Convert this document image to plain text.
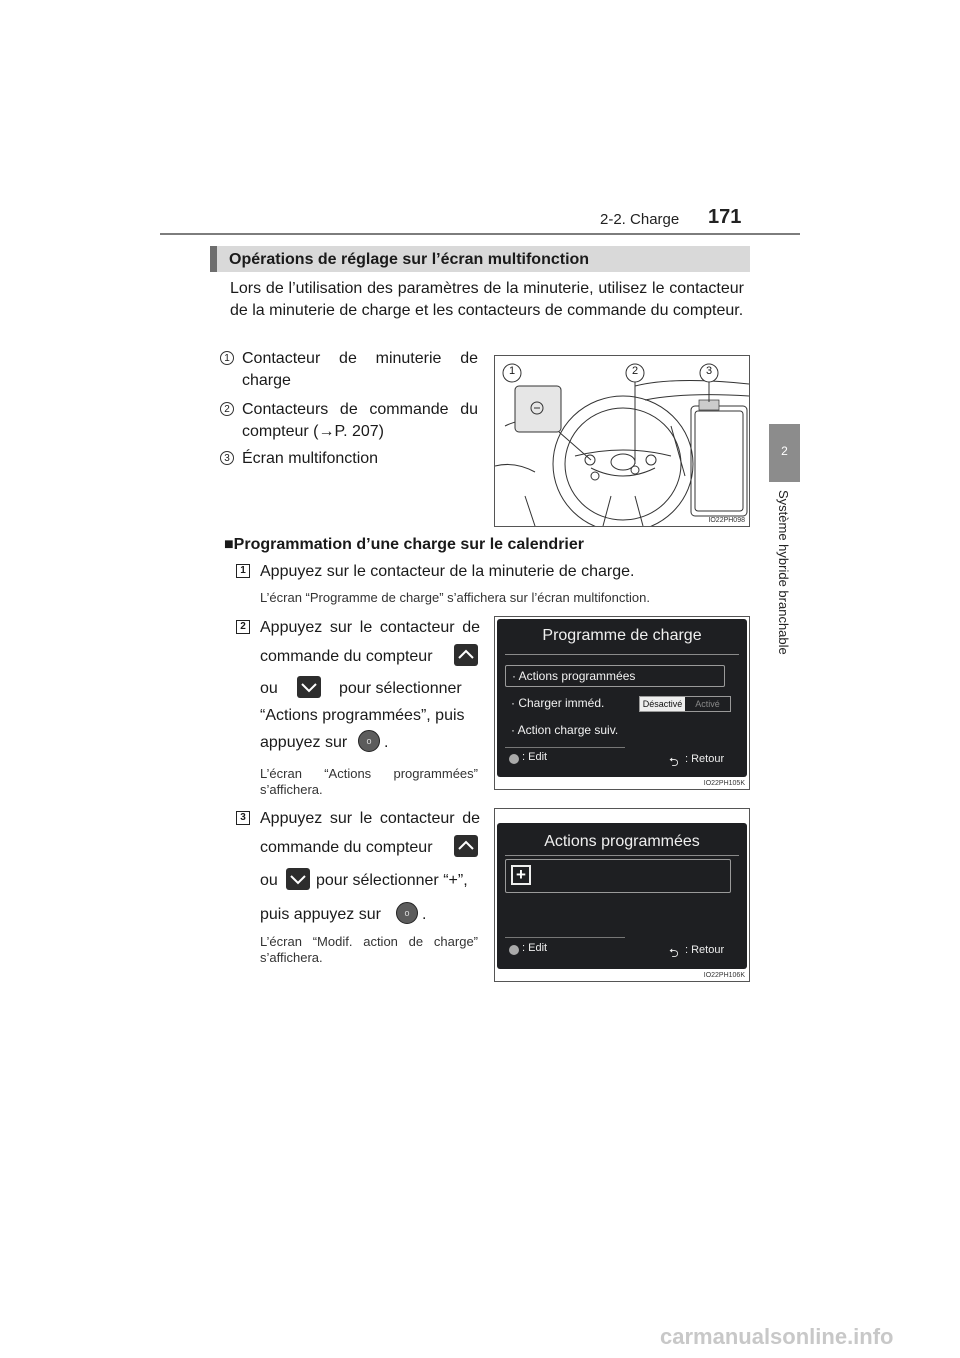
2-2. Charge 171
2
Système hybride branchable
Opérations de réglage sur l’écran multifonction
Lors de l’utilisation des paramètres de la minuterie, utilisez le contacteur de la minuterie de charge et les contacteurs de commande du compteur.
1 Contacteur de minuterie de
charge
2 Contacteurs de commande du
compteur (→P. 207)
3 Écran multifonction
1	2	3
IO22PH098
■Programmation d’une charge sur le calendrier
1 Appuyez sur le contacteur de la minuterie de charge.
L’écran “Programme de charge” s’affichera sur l’écran multifonction.
2 Appuyez sur le contacteur de
commande du compteur
ou	pour sélectionner
“Actions programmées”, puis
appuyez sur	o .
L’écran “Actions programmées” s’affichera.
Programme de charge
· Actions programmées
· Charger imméd.	Désactivé	Activé
· Action charge suiv.
: Edit	⮌ : Retour
IO22PH105K
3 Appuyez sur le contacteur de
commande du compteur
ou pour sélectionner “+”,
puis appuyez sur	o .
L’écran “Modif. action de charge” s’affichera.
Actions programmées
+
: Edit	⮌ : Retour
IO22PH106K
carmanualsonline.info
